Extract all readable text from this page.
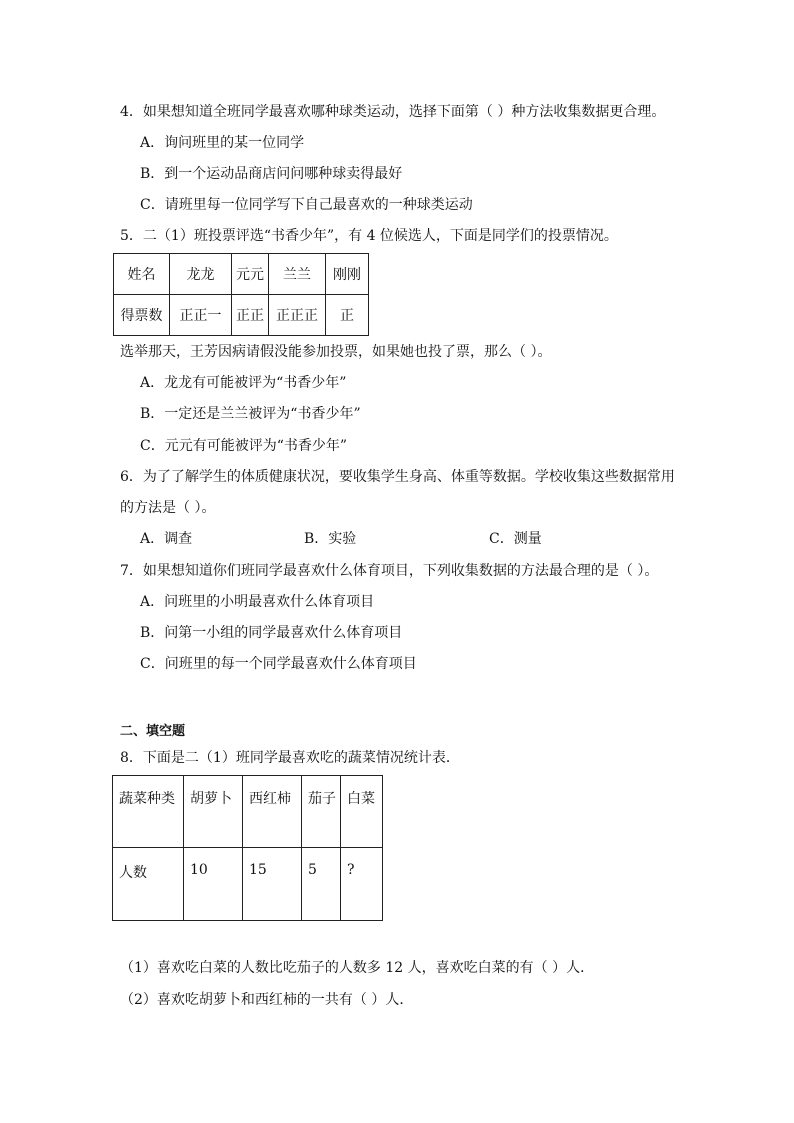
4．如果想知道全班同学最喜欢哪种球类运动，选择下面第（ ）种方法收集数据更合理。
A．询问班里的某一位同学
B．到一个运动品商店问问哪种球卖得最好
C．请班里每一位同学写下自己最喜欢的一种球类运动
5．二（1）班投票评选“书香少年”，有 4 位候选人，下面是同学们的投票情况。
姓名	龙龙	元元	兰兰	刚刚
得票数	正正一	正正	正正正	正
选举那天，王芳因病请假没能参加投票，如果她也投了票，那么（ ）。
A．龙龙有可能被评为“书香少年”
B．一定还是兰兰被评为“书香少年”
C．元元有可能被评为“书香少年”
6．为了了解学生的体质健康状况，要收集学生身高、体重等数据。学校收集这些数据常用
的方法是（ ）。
A．调查	B．实验	C．测量
7．如果想知道你们班同学最喜欢什么体育项目，下列收集数据的方法最合理的是（ ）。
A．问班里的小明最喜欢什么体育项目
B．问第一小组的同学最喜欢什么体育项目
C．问班里的每一个同学最喜欢什么体育项目
二、填空题
8．下面是二（1）班同学最喜欢吃的蔬菜情况统计表．
蔬菜种类	胡萝卜	西红柿	茄子	白菜
人数	10	15	5	?
（1）喜欢吃白菜的人数比吃茄子的人数多 12 人，喜欢吃白菜的有（ ）人．
（2）喜欢吃胡萝卜和西红柿的一共有（ ）人．
